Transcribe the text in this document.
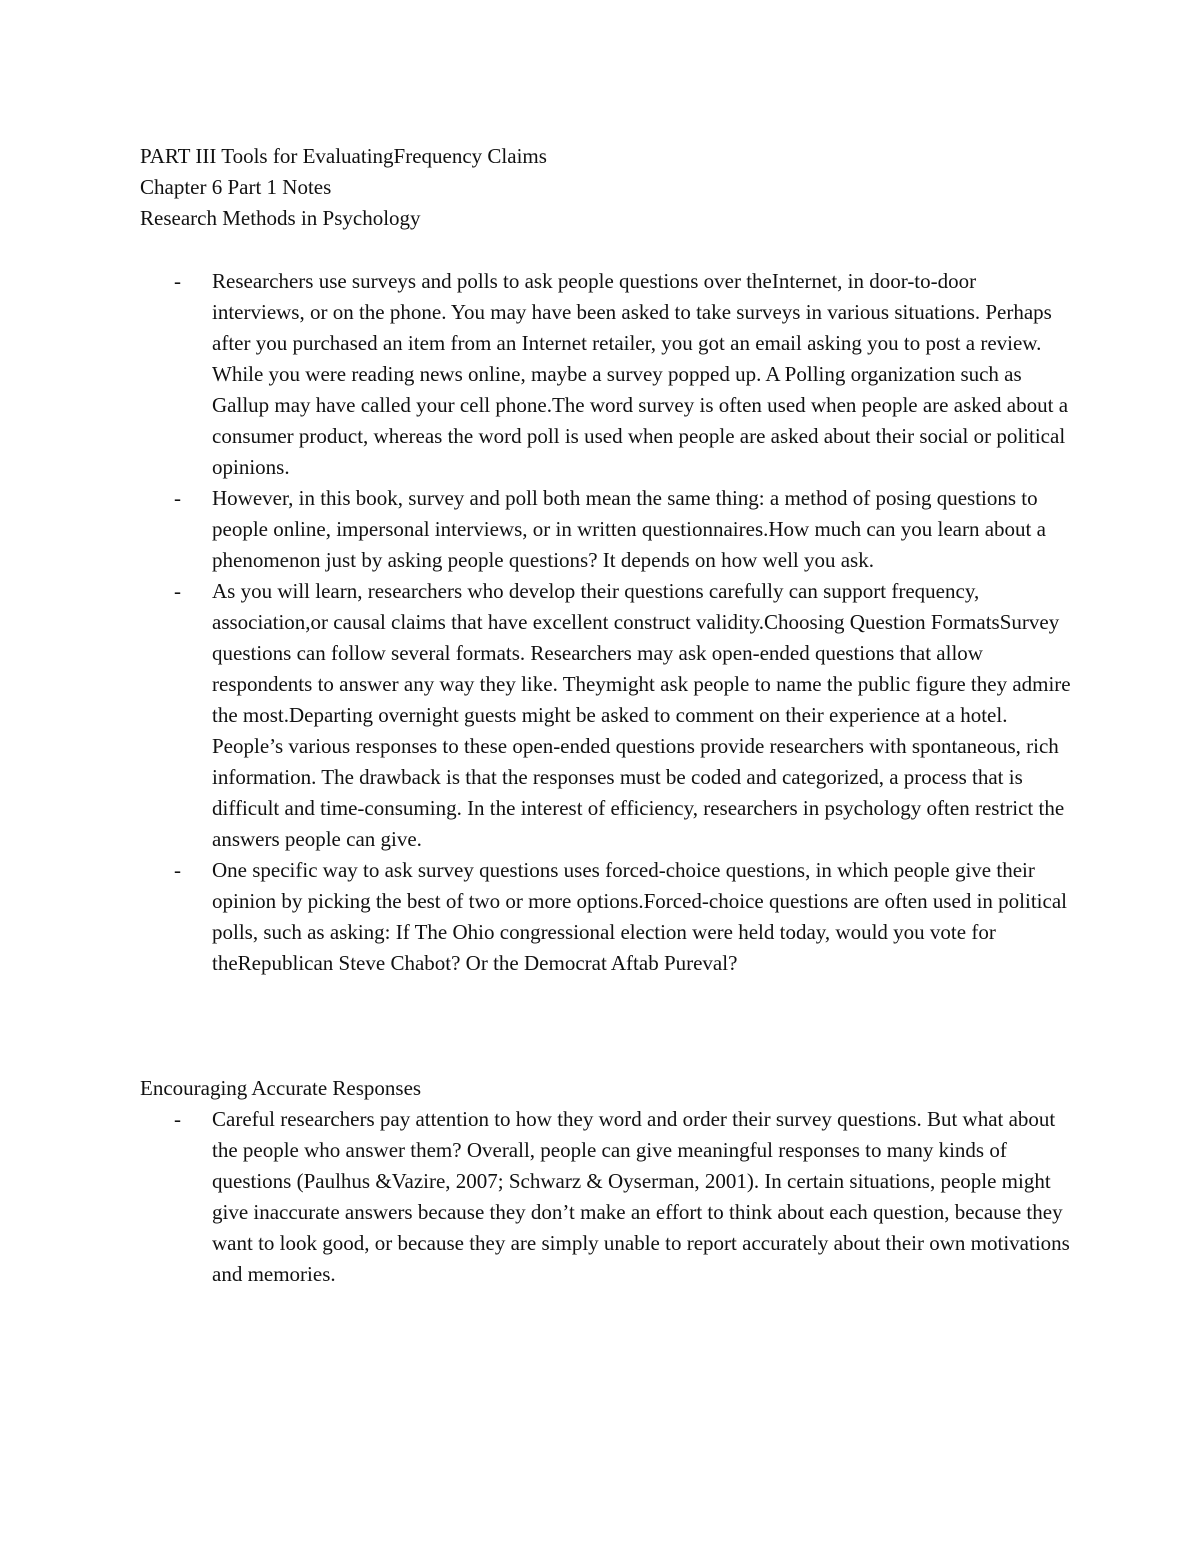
PART III Tools for EvaluatingFrequency Claims
Chapter 6 Part 1 Notes
Research Methods in Psychology
- Researchers use surveys and polls to ask people questions over theInternet, in door-to-door interviews, or on the phone. You may have been asked to take surveys in various situations. Perhaps after you purchased an item from an Internet retailer, you got an email asking you to post a review. While you were reading news online, maybe a survey popped up. A Polling organization such as Gallup may have called your cell phone.The word survey is often used when people are asked about a consumer product, whereas the word poll is used when people are asked about their social or political opinions.
- However, in this book, survey and poll both mean the same thing: a method of posing questions to people online, impersonal interviews, or in written questionnaires.How much can you learn about a phenomenon just by asking people questions? It depends on how well you ask.
- As you will learn, researchers who develop their questions carefully can support frequency, association,or causal claims that have excellent construct validity.Choosing Question FormatsSurvey questions can follow several formats. Researchers may ask open-ended questions that allow respondents to answer any way they like. Theymight ask people to name the public figure they admire the most.Departing overnight guests might be asked to comment on their experience at a hotel. People’s various responses to these open-ended questions provide researchers with spontaneous, rich information. The drawback is that the responses must be coded and categorized, a process that is difficult and time-consuming. In the interest of efficiency, researchers in psychology often restrict the answers people can give.
- One specific way to ask survey questions uses forced-choice questions, in which people give their opinion by picking the best of two or more options.Forced-choice questions are often used in political polls, such as asking: If The Ohio congressional election were held today, would you vote for theRepublican Steve Chabot? Or the Democrat Aftab Pureval?
Encouraging Accurate Responses
- Careful researchers pay attention to how they word and order their survey questions. But what about the people who answer them? Overall, people can give meaningful responses to many kinds of questions (Paulhus &Vazire, 2007; Schwarz & Oyserman, 2001). In certain situations, people might give inaccurate answers because they don’t make an effort to think about each question, because they want to look good, or because they are simply unable to report accurately about their own motivations and memories.
